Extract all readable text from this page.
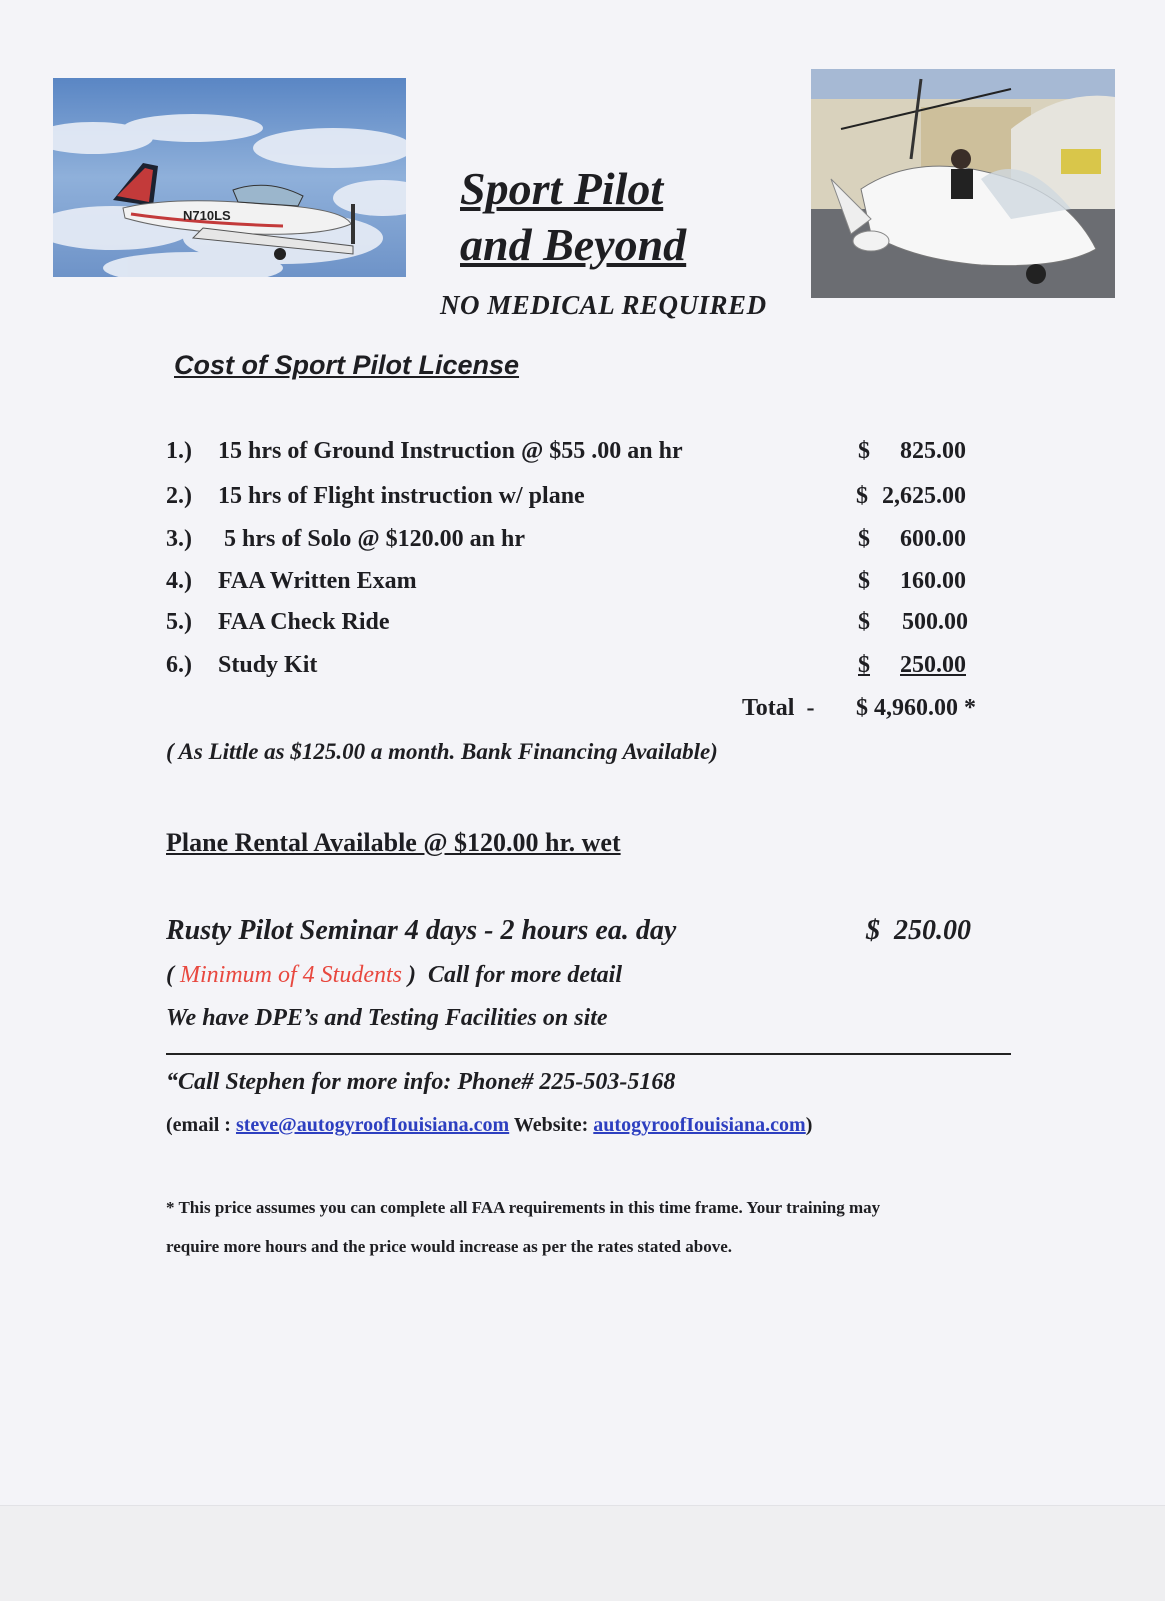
N710LS
Sport Pilot
and Beyond
NO MEDICAL REQUIRED
Cost of Sport Pilot License
1.) 15 hrs of Ground Instruction @ $55 .00 an hr	$ 825.00
2.) 15 hrs of Flight instruction w/ plane	$ 2,625.00
3.) 5 hrs of Solo @ $120.00 an hr	$ 600.00
4.) FAA Written Exam	$ 160.00
5.) FAA Check Ride	$ 500.00
6.) Study Kit	$ 250.00
Total  - $ 4,960.00 *
( As Little as $125.00 a month. Bank Financing Available)
Plane Rental Available @ $120.00 hr. wet
Rusty Pilot Seminar 4 days - 2 hours ea. day	$  250.00
( Minimum of 4 Students )  Call for more detail
We have DPE’s and Testing Facilities on site
“Call Stephen for more info: Phone# 225-503-5168
(email : steve@autogyroofIouisiana.com Website: autogyroofIouisiana.com)
* This price assumes you can complete all FAA requirements in this time frame. Your training may
require more hours and the price would increase as per the rates stated above.
